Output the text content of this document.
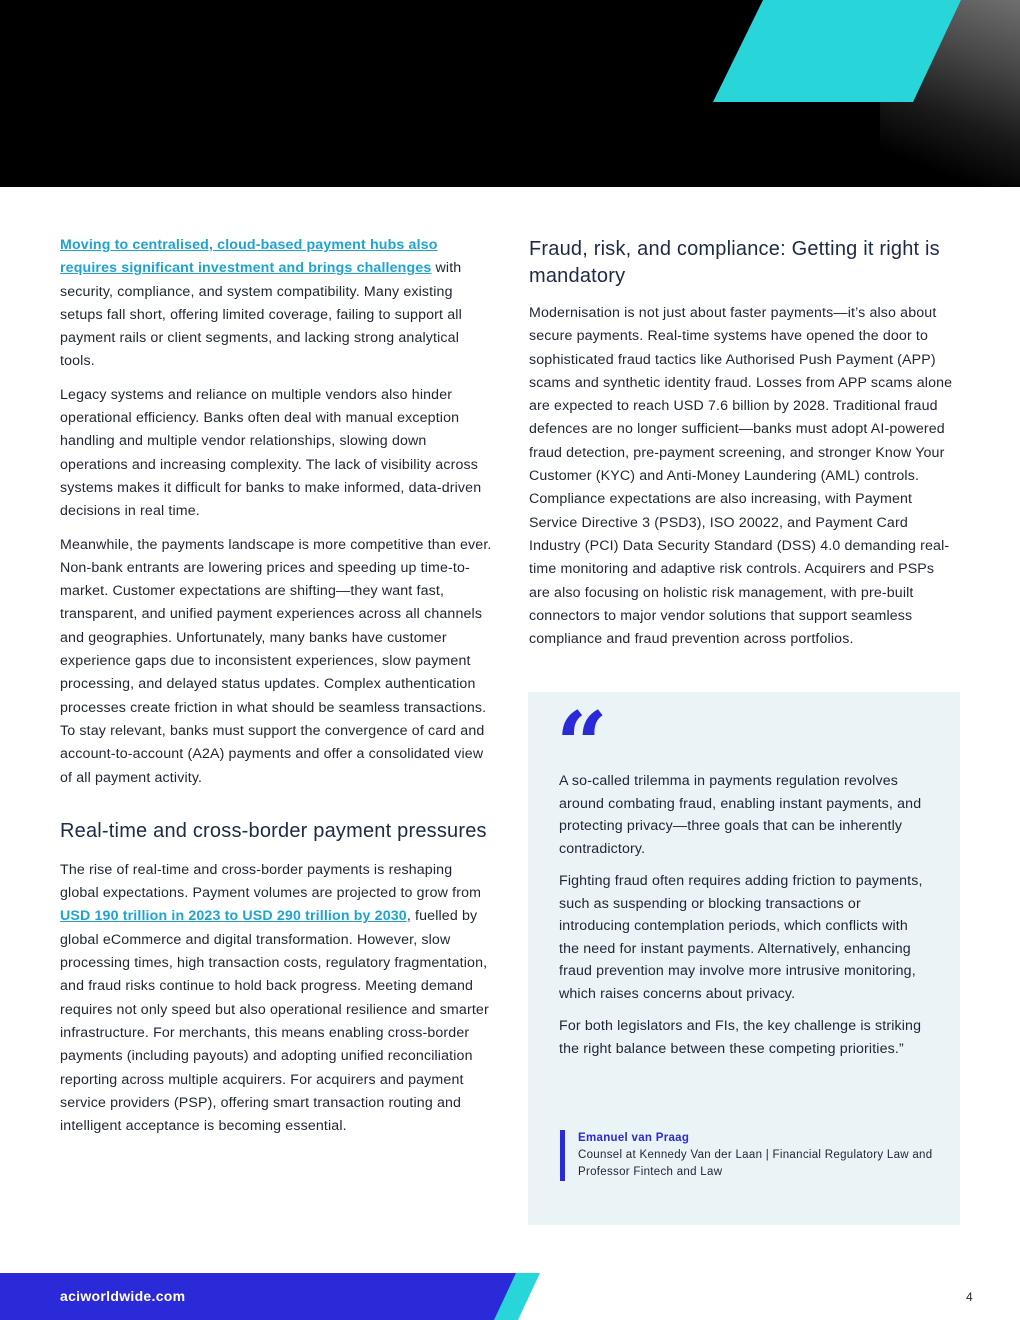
Moving to centralised, cloud-based payment hubs also requires significant investment and brings challenges with security, compliance, and system compatibility. Many existing setups fall short, offering limited coverage, failing to support all payment rails or client segments, and lacking strong analytical tools.

Legacy systems and reliance on multiple vendors also hinder operational efficiency. Banks often deal with manual exception handling and multiple vendor relationships, slowing down operations and increasing complexity. The lack of visibility across systems makes it difficult for banks to make informed, data-driven decisions in real time.

Meanwhile, the payments landscape is more competitive than ever. Non-bank entrants are lowering prices and speeding up time-to-market. Customer expectations are shifting—they want fast, transparent, and unified payment experiences across all channels and geographies. Unfortunately, many banks have customer experience gaps due to inconsistent experiences, slow payment processing, and delayed status updates. Complex authentication processes create friction in what should be seamless transactions. To stay relevant, banks must support the convergence of card and account-to-account (A2A) payments and offer a consolidated view of all payment activity.

Real-time and cross-border payment pressures

The rise of real-time and cross-border payments is reshaping global expectations. Payment volumes are projected to grow from USD 190 trillion in 2023 to USD 290 trillion by 2030, fuelled by global eCommerce and digital transformation. However, slow processing times, high transaction costs, regulatory fragmentation, and fraud risks continue to hold back progress. Meeting demand requires not only speed but also operational resilience and smarter infrastructure. For merchants, this means enabling cross-border payments (including payouts) and adopting unified reconciliation reporting across multiple acquirers. For acquirers and payment service providers (PSP), offering smart transaction routing and intelligent acceptance is becoming essential.

Fraud, risk, and compliance: Getting it right is mandatory

Modernisation is not just about faster payments—it’s also about secure payments. Real-time systems have opened the door to sophisticated fraud tactics like Authorised Push Payment (APP) scams and synthetic identity fraud. Losses from APP scams alone are expected to reach USD 7.6 billion by 2028. Traditional fraud defences are no longer sufficient—banks must adopt AI-powered fraud detection, pre-payment screening, and stronger Know Your Customer (KYC) and Anti-Money Laundering (AML) controls. Compliance expectations are also increasing, with Payment Service Directive 3 (PSD3), ISO 20022, and Payment Card Industry (PCI) Data Security Standard (DSS) 4.0 demanding real-time monitoring and adaptive risk controls. Acquirers and PSPs are also focusing on holistic risk management, with pre-built connectors to major vendor solutions that support seamless compliance and fraud prevention across portfolios.

“

A so-called trilemma in payments regulation revolves around combating fraud, enabling instant payments, and protecting privacy—three goals that can be inherently contradictory.

Fighting fraud often requires adding friction to payments, such as suspending or blocking transactions or introducing contemplation periods, which conflicts with the need for instant payments. Alternatively, enhancing fraud prevention may involve more intrusive monitoring, which raises concerns about privacy.

For both legislators and FIs, the key challenge is striking the right balance between these competing priorities.”

Emanuel van Praag
Counsel at Kennedy Van der Laan | Financial Regulatory Law and Professor Fintech and Law
aciworldwide.com	4
